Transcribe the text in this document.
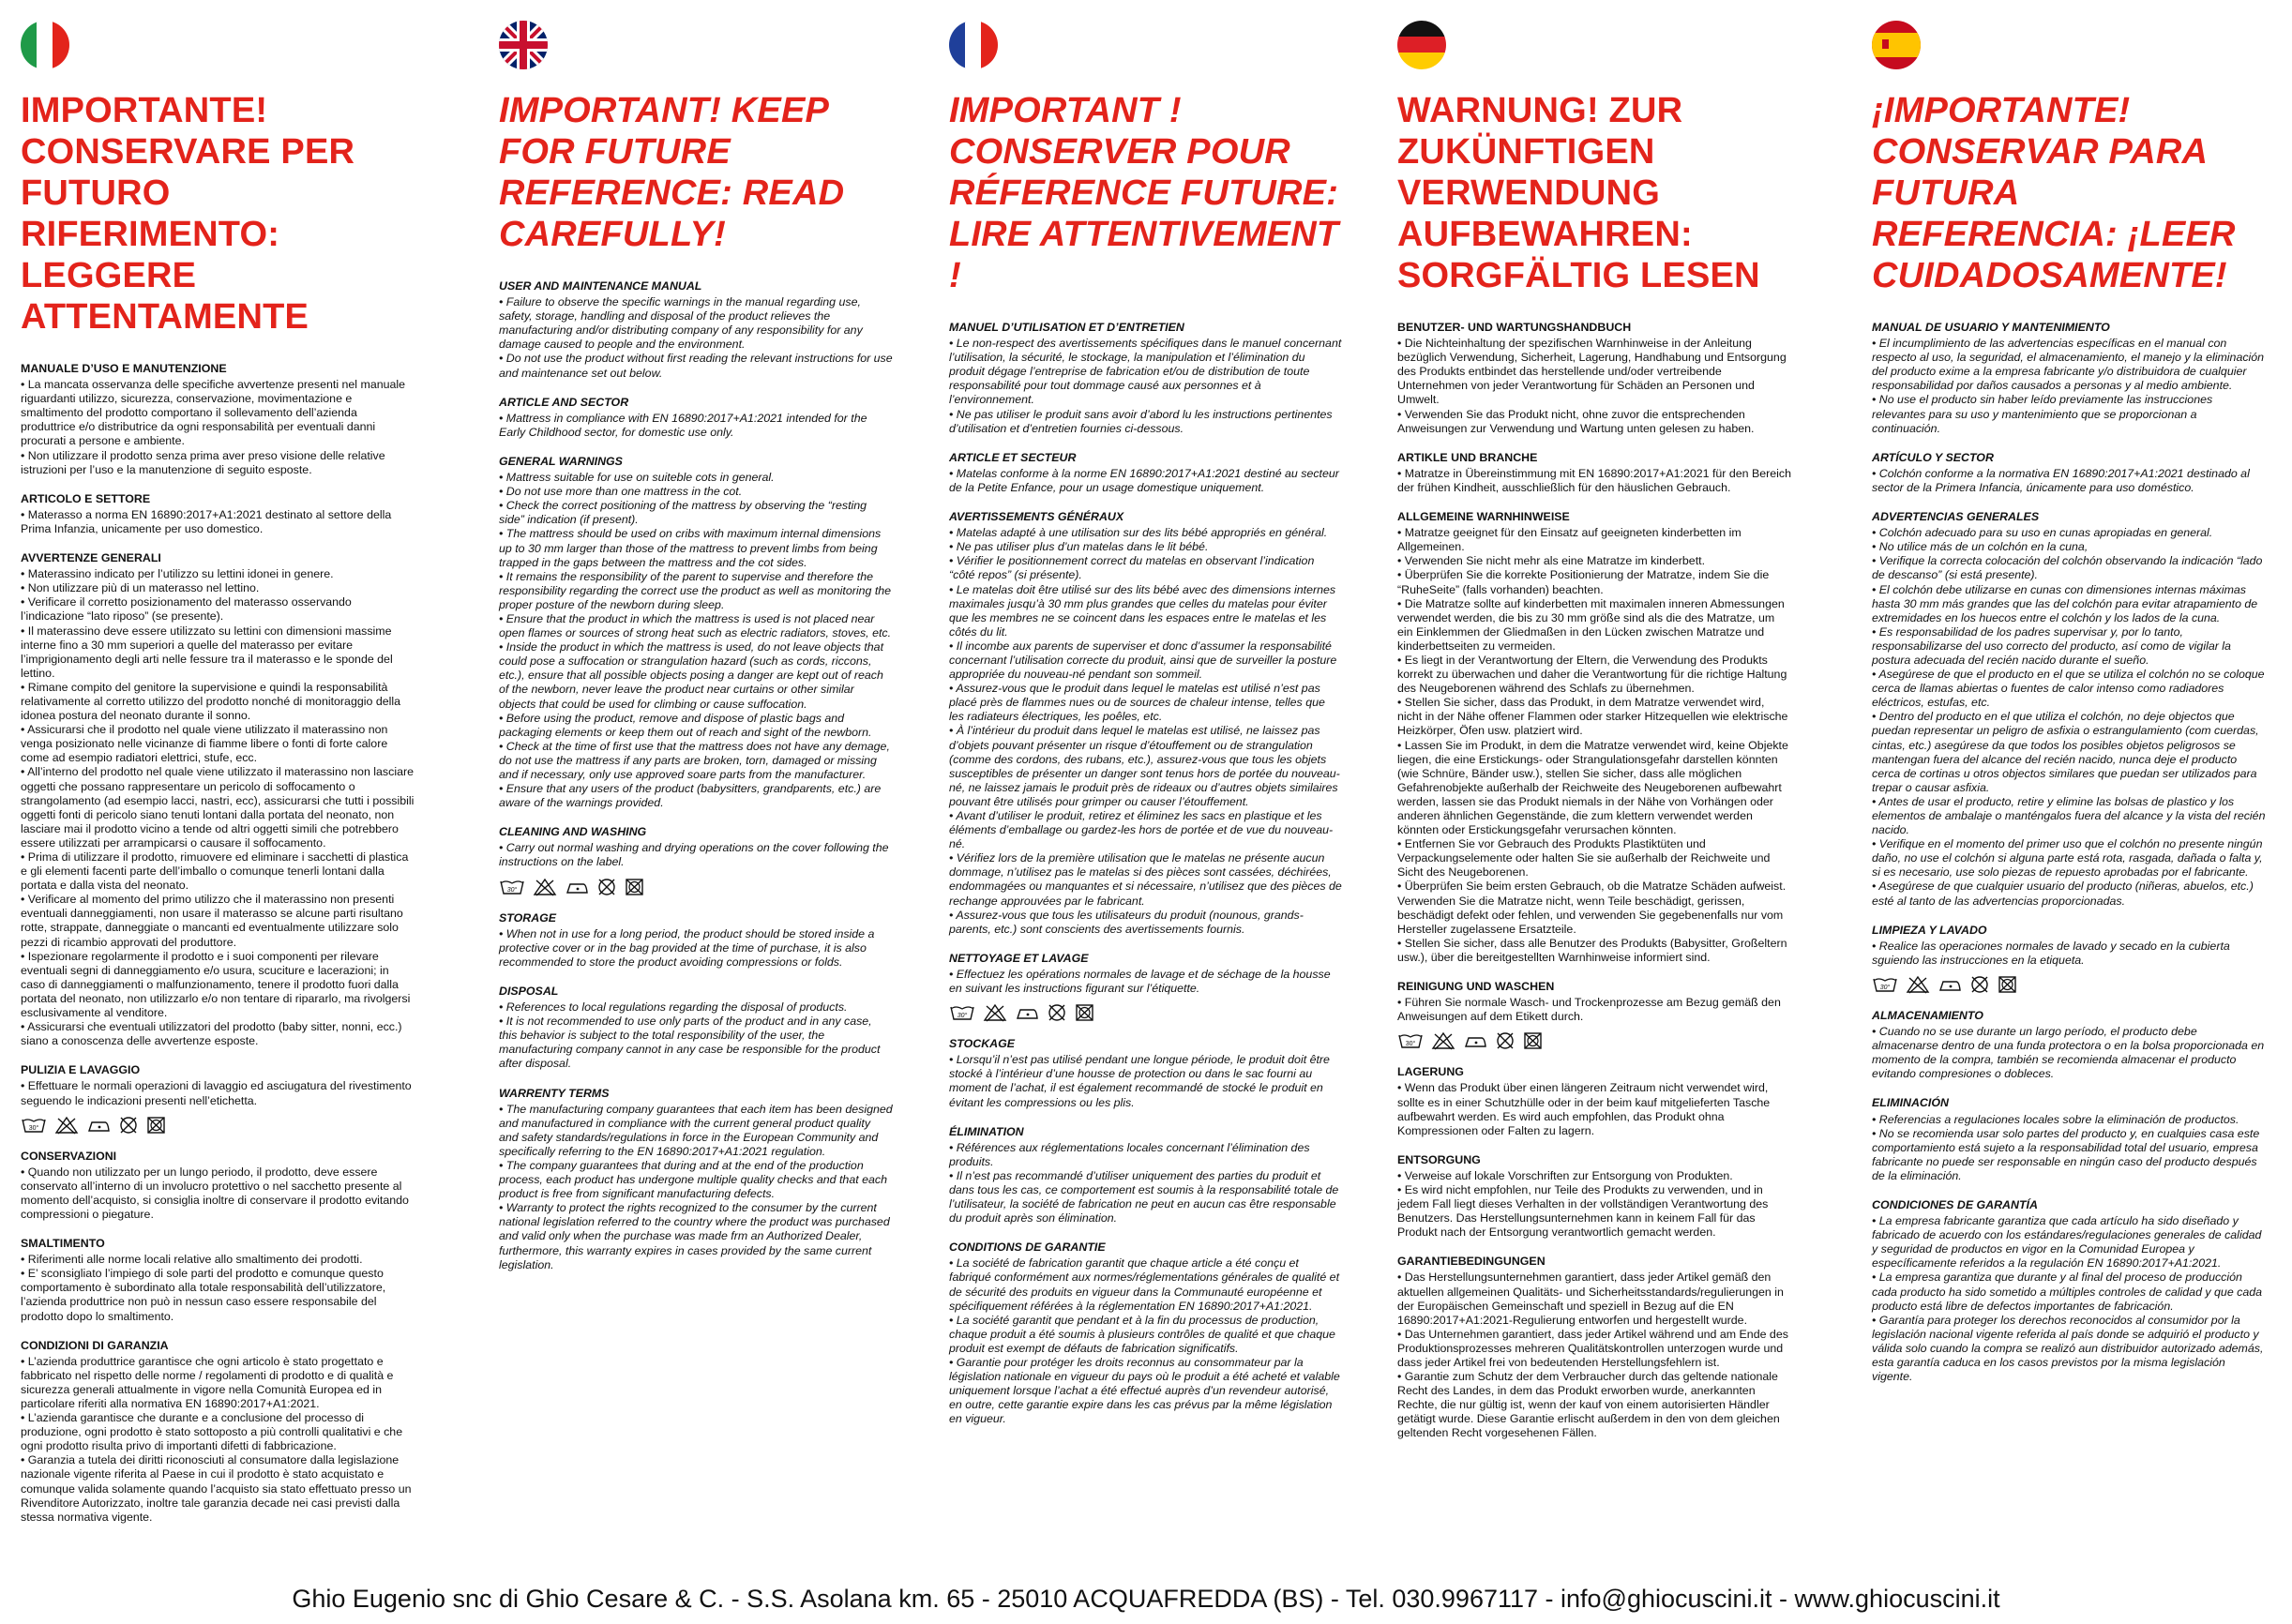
IMPORTANTE! CONSERVARE PER FUTURO RIFERIMENTO: LEGGERE ATTENTAMENTE
MANUALE D’USO E MANUTENZIONE

• La mancata osservanza delle specifiche avvertenze presenti nel manuale riguardanti utilizzo, sicurezza, conservazione, movimentazione e smaltimento del prodotto comportano il sollevamento dell’azienda produttrice e/o distributrice da ogni responsabilità per eventuali danni procurati a persone e ambiente.
• Non utilizzare il prodotto senza prima aver preso visione delle relative istruzioni per l’uso e la manutenzione di seguito esposte.

ARTICOLO E SETTORE

• Materasso a norma EN 16890:2017+A1:2021 destinato al settore della Prima Infanzia, unicamente per uso domestico.

AVVERTENZE GENERALI

• Materassino indicato per l’utilizzo su lettini idonei in genere.
• Non utilizzare più di un materasso nel lettino.
• Verificare il corretto posizionamento del materasso osservando l’indicazione “lato riposo” (se presente).
• Il materassino deve essere utilizzato su lettini con dimensioni massime interne fino a 30 mm superiori a quelle del materasso per evitare l’imprigionamento degli arti nelle fessure tra il materasso e le sponde del lettino.
• Rimane compito del genitore la supervisione e quindi la responsabilità relativamente al corretto utilizzo del prodotto nonché di monitoraggio della idonea postura del neonato durante il sonno.
• Assicurarsi che il prodotto nel quale viene utilizzato il materassino non venga posizionato nelle vicinanze di fiamme libere o fonti di forte calore come ad esempio radiatori elettrici, stufe, ecc.
• All’interno del prodotto nel quale viene utilizzato il materassino non lasciare oggetti che possano rappresentare un pericolo di soffocamento o strangolamento (ad esempio lacci, nastri, ecc), assicurarsi che tutti i possibili oggetti fonti di pericolo siano tenuti lontani dalla portata del neonato, non lasciare mai il prodotto vicino a tende od altri oggetti simili che potrebbero essere utilizzati per arrampicarsi o causare il soffocamento.
• Prima di utilizzare il prodotto, rimuovere ed eliminare i sacchetti di plastica e gli elementi facenti parte dell’imballo o comunque tenerli lontani dalla portata e dalla vista del neonato.
• Verificare al momento del primo utilizzo che il materassino non presenti eventuali danneggiamenti, non usare il materasso se alcune parti risultano rotte, strappate, danneggiate o mancanti ed eventualmente utilizzare solo pezzi di ricambio approvati del produttore.
• Ispezionare regolarmente il prodotto e i suoi componenti per rilevare eventuali segni di danneggiamento e/o usura, scuciture e lacerazioni; in caso di danneggiamenti o malfunzionamento, tenere il prodotto fuori dalla portata del neonato, non utilizzarlo e/o non tentare di ripararlo, ma rivolgersi esclusivamente al venditore.
• Assicurarsi che eventuali utilizzatori del prodotto (baby sitter, nonni, ecc.) siano a conoscenza delle avvertenze esposte.

PULIZIA E LAVAGGIO

• Effettuare le normali operazioni di lavaggio ed asciugatura del rivestimento seguendo le indicazioni presenti nell’etichetta.

30°
CONSERVAZIONI

• Quando non utilizzato per un lungo periodo, il prodotto, deve essere conservato all’interno di un involucro protettivo o nel sacchetto presente al momento dell’acquisto, si consiglia inoltre di conservare il prodotto evitando compressioni o piegature.

SMALTIMENTO

• Riferimenti alle norme locali relative allo smaltimento dei prodotti.
• E’ sconsigliato l’impiego di sole parti del prodotto e comunque questo comportamento è subordinato alla totale responsabilità dell’utilizzatore, l’azienda produttrice non può in nessun caso essere responsabile del prodotto dopo lo smaltimento.

CONDIZIONI DI GARANZIA

• L’azienda produttrice garantisce che ogni articolo è stato progettato e fabbricato nel rispetto delle norme / regolamenti di prodotto e di qualità e sicurezza generali attualmente in vigore nella Comunità Europea ed in particolare riferiti alla normativa EN 16890:2017+A1:2021.
• L’azienda garantisce che durante e a conclusione del processo di produzione, ogni prodotto è stato sottoposto a più controlli qualitativi e che ogni prodotto risulta privo di importanti difetti di fabbricazione.
• Garanzia a tutela dei diritti riconosciuti al consumatore dalla legislazione nazionale vigente riferita al Paese in cui il prodotto è stato acquistato e comunque valida solamente quando l’acquisto sia stato effettuato presso un Rivenditore Autorizzato, inoltre tale garanzia decade nei casi previsti dalla stessa normativa vigente.

IMPORTANT! KEEP FOR FUTURE REFERENCE: READ CAREFULLY!
USER AND MAINTENANCE MANUAL

• Failure to observe the specific warnings in the manual regarding use, safety, storage, handling and disposal of the product relieves the manufacturing and/or distributing company of any responsibility for any damage caused to people and the environment.
• Do not use the product without first reading the relevant instructions for use and maintenance set out below.

ARTICLE AND SECTOR

• Mattress in compliance with EN 16890:2017+A1:2021 intended for the Early Childhood sector, for domestic use only.

GENERAL WARNINGS

• Mattress suitable for use on suiteble cots in general.
• Do not use more than one mattress in the cot.
• Check the correct positioning of the mattress by observing the “resting side” indication (if present).
• The mattress should be used on cribs with maximum internal dimensions up to 30 mm larger than those of the mattress to prevent limbs from being trapped in the gaps between the mattress and the cot sides.
• It remains the responsibility of the parent to supervise and therefore the responsibility regarding the correct use the product as well as monitoring the proper posture of the newborn during sleep.
• Ensure that the product in which the mattress is used is not placed near open flames or sources of strong heat such as electric radiators, stoves, etc.
• Inside the product in which the mattress is used, do not leave objects that could pose a suffocation or strangulation hazard (such as cords, riccons, etc.), ensure that all possible objects posing a danger are kept out of reach of the newborn, never leave the product near curtains or other similar objects that could be used for climbing or cause suffocation.
• Before using the product, remove and dispose of plastic bags and packaging elements or keep them out of reach and sight of the newborn.
• Check at the time of first use that the mattress does not have any demage, do not use the mattress if any parts are broken, torn, damaged or missing and if necessary, only use approved soare parts from the manufacturer.
• Ensure that any users of the product (babysitters, grandparents, etc.) are aware of the warnings provided.

CLEANING AND WASHING

• Carry out normal washing and drying operations on the cover following the instructions on the label.

30°
STORAGE

• When not in use for a long period, the product should be stored inside a protective cover or in the bag provided at the time of purchase, it is also recommended to store the product avoiding compressions or folds.

DISPOSAL

• References to local regulations regarding the disposal of products.
• It is not recommended to use only parts of the product and in any case, this behavior is subject to the total responsibility of the user, the manufacturing company cannot in any case be responsible for the product after disposal.

WARRENTY TERMS

• The manufacturing company guarantees that each item has been designed and manufactured in compliance with the current general product quality and safety standards/regulations in force in the European Community and specifically referring to the EN 16890:2017+A1:2021 regulation.
• The company guarantees that during and at the end of the production process, each product has undergone multiple quality checks and that each product is free from significant manufacturing defects.
• Warranty to protect the rights recognized to the consumer by the current national legislation referred to the country where the product was purchased and valid only when the purchase was made frm an Authorized Dealer, furthermore, this warranty expires in cases provided by the same current legislation.

IMPORTANT ! CONSERVER POUR RÉFERENCE FUTURE: LIRE ATTENTIVEMENT !
MANUEL D’UTILISATION ET D’ENTRETIEN

• Le non-respect des avertissements spécifiques dans le manuel concernant l’utilisation, la sécurité, le stockage, la manipulation et l’élimination du produit dégage l’entreprise de fabrication et/ou de distribution de toute responsabilité pour tout dommage causé aux personnes et à l’environnement.
• Ne pas utiliser le produit sans avoir d’abord lu les instructions pertinentes d’utilisation et d’entretien fournies ci-dessous.

ARTICLE ET SECTEUR

• Matelas conforme à la norme EN 16890:2017+A1:2021 destiné au secteur de la Petite Enfance, pour un usage domestique uniquement.

AVERTISSEMENTS GÉNÉRAUX

• Matelas adapté à une utilisation sur des lits bébé appropriés en général.
• Ne pas utiliser plus d’un matelas dans le lit bébé.
• Vérifier le positionnement correct du matelas en observant l’indication “côté repos” (si présente).
• Le matelas doit être utilisé sur des lits bébé avec des dimensions internes maximales jusqu’à 30 mm plus grandes que celles du matelas pour éviter que les membres ne se coincent dans les espaces entre le matelas et les côtés du lit.
• Il incombe aux parents de superviser et donc d’assumer la responsabilité concernant l’utilisation correcte du produit, ainsi que de surveiller la posture appropriée du nouveau-né pendant son sommeil.
• Assurez-vous que le produit dans lequel le matelas est utilisé n’est pas placé près de flammes nues ou de sources de chaleur intense, telles que les radiateurs électriques, les poêles, etc.
• À l’intérieur du produit dans lequel le matelas est utilisé, ne laissez pas d’objets pouvant présenter un risque d’étouffement ou de strangulation (comme des cordons, des rubans, etc.), assurez-vous que tous les objets susceptibles de présenter un danger sont tenus hors de portée du nouveau-né, ne laissez jamais le produit près de rideaux ou d’autres objets similaires pouvant être utilisés pour grimper ou causer l’étouffement.
• Avant d’utiliser le produit, retirez et éliminez les sacs en plastique et les éléments d’emballage ou gardez-les hors de portée et de vue du nouveau-né.
• Vérifiez lors de la première utilisation que le matelas ne présente aucun dommage, n’utilisez pas le matelas si des pièces sont cassées, déchirées, endommagées ou manquantes et si nécessaire, n’utilisez que des pièces de rechange approuvées par le fabricant.
• Assurez-vous que tous les utilisateurs du produit (nounous, grands-parents, etc.) sont conscients des avertissements fournis.

NETTOYAGE ET LAVAGE

• Effectuez les opérations normales de lavage et de séchage de la housse en suivant les instructions figurant sur l’étiquette.

30°
STOCKAGE

• Lorsqu’il n’est pas utilisé pendant une longue période, le produit doit être stocké à l’intérieur d’une housse de protection ou dans le sac fourni au moment de l’achat, il est également recommandé de stocké le produit en évitant les compressions ou les plis.

ÉLIMINATION

• Références aux réglementations locales concernant l’élimination des produits.
• Il n’est pas recommandé d’utiliser uniquement des parties du produit et dans tous les cas, ce comportement est soumis à la responsabilité totale de l’utilisateur, la société de fabrication ne peut en aucun cas être responsable du produit après son élimination.

CONDITIONS DE GARANTIE

• La société de fabrication garantit que chaque article a été conçu et fabriqué conformément aux normes/réglementations générales de qualité et de sécurité des produits en vigueur dans la Communauté européenne et spécifiquement référées à la réglementation EN 16890:2017+A1:2021.
• La société garantit que pendant et à la fin du processus de production, chaque produit a été soumis à plusieurs contrôles de qualité et que chaque produit est exempt de défauts de fabrication significatifs.
• Garantie pour protéger les droits reconnus au consommateur par la législation nationale en vigueur du pays où le produit a été acheté et valable uniquement lorsque l’achat a été effectué auprès d’un revendeur autorisé, en outre, cette garantie expire dans les cas prévus par la même législation en vigueur.

WARNUNG! ZUR ZUKÜNFTIGEN VERWENDUNG AUFBEWAHREN: SORGFÄLTIG LESEN
BENUTZER- UND WARTUNGSHANDBUCH

• Die Nichteinhaltung der spezifischen Warnhinweise in der Anleitung bezüglich Verwendung, Sicherheit, Lagerung, Handhabung und Entsorgung des Produkts entbindet das herstellende und/oder vertreibende Unternehmen von jeder Verantwortung für Schäden an Personen und Umwelt.
• Verwenden Sie das Produkt nicht, ohne zuvor die entsprechenden Anweisungen zur Verwendung und Wartung unten gelesen zu haben.

ARTIKLE UND BRANCHE

• Matratze in Übereinstimmung mit EN 16890:2017+A1:2021 für den Bereich der frühen Kindheit, ausschließlich für den häuslichen Gebrauch.

ALLGEMEINE WARNHINWEISE

• Matratze geeignet für den Einsatz auf geeigneten kinderbetten im Allgemeinen.
• Verwenden Sie nicht mehr als eine Matratze im kinderbett.
• Überprüfen Sie die korrekte Positionierung der Matratze, indem Sie die “RuheSeite” (falls vorhanden) beachten.
• Die Matratze sollte auf kinderbetten mit maximalen inneren Abmessungen verwendet werden, die bis zu 30 mm größe sind als die des Matratze, um ein Einklemmen der Gliedmaßen in den Lücken zwischen Matratze und kinderbettseiten zu vermeiden.
• Es liegt in der Verantwortung der Eltern, die Verwendung des Produkts korrekt zu überwachen und daher die Verantwortung für die richtige Haltung des Neugeborenen während des Schlafs zu übernehmen.
• Stellen Sie sicher, dass das Produkt, in dem Matratze verwendet wird, nicht in der Nähe offener Flammen oder starker Hitzequellen wie elektrische Heizkörper, Öfen usw. platziert wird.
• Lassen Sie im Produkt, in dem die Matratze verwendet wird, keine Objekte liegen, die eine Erstickungs- oder Strangulationsgefahr darstellen könnten (wie Schnüre, Bänder usw.), stellen Sie sicher, dass alle möglichen Gefahrenobjekte außerhalb der Reichweite des Neugeborenen aufbewahrt werden, lassen sie das Produkt niemals in der Nähe von Vorhängen oder anderen ähnlichen Gegenstände, die zum klettern verwendet werden könnten oder Erstickungsgefahr verursachen könnten.
• Entfernen Sie vor Gebrauch des Produkts Plastiktüten und Verpackungselemente oder halten Sie sie außerhalb der Reichweite und Sicht des Neugeborenen.
• Überprüfen Sie beim ersten Gebrauch, ob die Matratze Schäden aufweist. Verwenden Sie die Matratze nicht, wenn Teile beschädigt, gerissen, beschädigt defekt oder fehlen, und verwenden Sie gegebenenfalls nur vom Hersteller zugelassene Ersatzteile.
• Stellen Sie sicher, dass alle Benutzer des Produkts (Babysitter, Großeltern usw.), über die bereitgestellten Warnhinweise informiert sind.

REINIGUNG UND WASCHEN

• Führen Sie normale Wasch- und Trockenprozesse am Bezug gemäß den Anweisungen auf dem Etikett durch.

30°
LAGERUNG

• Wenn das Produkt über einen längeren Zeitraum nicht verwendet wird, sollte es in einer Schutzhülle oder in der beim kauf mitgelieferten Tasche aufbewahrt werden. Es wird auch empfohlen, das Produkt ohna Kompressionen oder Falten zu lagern.

ENTSORGUNG

• Verweise auf lokale Vorschriften zur Entsorgung von Produkten.
• Es wird nicht empfohlen, nur Teile des Produkts zu verwenden, und in jedem Fall liegt dieses Verhalten in der vollständigen Verantwortung des Benutzers. Das Herstellungsunternehmen kann in keinem Fall für das Produkt nach der Entsorgung verantwortlich gemacht werden.

GARANTIEBEDINGUNGEN

• Das Herstellungsunternehmen garantiert, dass jeder Artikel gemäß den aktuellen allgemeinen Qualitäts- und Sicherheitsstandards/regulierungen in der Europäischen Gemeinschaft und speziell in Bezug auf die EN 16890:2017+A1:2021-Regulierung entworfen und hergestellt wurde.
• Das Unternehmen garantiert, dass jeder Artikel während und am Ende des Produktionsprozesses mehreren Qualitätskontrollen unterzogen wurde und dass jeder Artikel frei von bedeutenden Herstellungsfehlern ist.
• Garantie zum Schutz der dem Verbraucher durch das geltende nationale Recht des Landes, in dem das Produkt erworben wurde, anerkannten Rechte, die nur gültig ist, wenn der kauf von einem autorisierten Händler getätigt wurde. Diese Garantie erlischt außerdem in den von dem gleichen geltenden Recht vorgesehenen Fällen.

¡IMPORTANTE! CONSERVAR PARA FUTURA REFERENCIA: ¡LEER CUIDADOSAMENTE!
MANUAL DE USUARIO Y MANTENIMIENTO

• El incumplimiento de las advertencias específicas en el manual con respecto al uso, la seguridad, el almacenamiento, el manejo y la eliminación del producto exime a la empresa fabricante y/o distribuidora de cualquier responsabilidad por daños causados a personas y al medio ambiente.
• No use el producto sin haber leído previamente las instrucciones relevantes para su uso y mantenimiento que se proporcionan a continuación.

ARTÍCULO Y SECTOR

• Colchón conforme a la normativa EN 16890:2017+A1:2021 destinado al sector de la Primera Infancia, únicamente para uso doméstico.

ADVERTENCIAS GENERALES

• Colchón adecuado para su uso en cunas apropiadas en general.
• No utilice más de un colchón en la cuna,
• Verifique la correcta colocación del colchón observando la indicación “lado de descanso” (si está presente).
• El colchón debe utilizarse en cunas con dimensiones internas máximas hasta 30 mm más grandes que las del colchón para evitar atrapamiento de extremidades en los huecos entre el colchón y los lados de la cuna.
• Es responsabilidad de los padres supervisar y, por lo tanto, responsabilizarse del uso correcto del producto, así como de vigilar la postura adecuada del recién nacido durante el sueño.
• Asegúrese de que el producto en el que se utiliza el colchón no se coloque cerca de llamas abiertas o fuentes de calor intenso como radiadores eléctricos, estufas, etc.
• Dentro del producto en el que utiliza el colchón, no deje objectos que puedan representar un peligro de asfixia o estrangulamiento (com cuerdas, cintas, etc.) asegúrese da que todos los posibles objetos peligrosos se mantengan fuera del alcance del recién nacido, nunca deje el producto cerca de cortinas u otros objectos similares que puedan ser utilizados para trepar o causar asfixia.
• Antes de usar el producto, retire y elimine las bolsas de plastico y los elementos de ambalaje o manténgalos fuera del alcance y la vista del recién nacido.
• Verifique en el momento del primer uso que el colchón no presente ningún daño, no use el colchón si alguna parte está rota, rasgada, dañada o falta y, si es necesario, use solo piezas de repuesto aprobadas por el fabricante.
• Asegúrese de que cualquier usuario del producto (niñeras, abuelos, etc.) esté al tanto de las advertencias proporcionadas.

LIMPIEZA Y LAVADO

• Realice las operaciones normales de lavado y secado en la cubierta sguiendo las instrucciones en la etiqueta.

30°
ALMACENAMIENTO

• Cuando no se use durante un largo período, el producto debe almacenarse dentro de una funda protectora o en la bolsa proporcionada en momento de la compra, también se recomienda almacenar el producto evitando compresiones o dobleces.

ELIMINACIÓN

• Referencias a regulaciones locales sobre la eliminación de productos.
• No se recomienda usar solo partes del producto y, en cualquies casa este comportamiento está sujeto a la responsabilidad total del usuario, empresa fabricante no puede ser responsable en ningún caso del producto después de la eliminación.

CONDICIONES DE GARANTÍA

• La empresa fabricante garantiza que cada artículo ha sido diseñado y fabricado de acuerdo con los estándares/regulaciones generales de calidad y seguridad de productos en vigor en la Comunidad Europea y específicamente referidos a la regulación EN 16890:2017+A1:2021.
• La empresa garantiza que durante y al final del proceso de producción cada producto ha sido sometido a múltiples controles de calidad y que cada producto está libre de defectos importantes de fabricación.
• Garantía para proteger los derechos reconocidos al consumidor por la legislación nacional vigente referida al país donde se adquirió el producto y válida solo cuando la compra se realizó aun distribuidor autorizado además, esta garantía caduca en los casos previstos por la misma legislación vigente.

Ghio Eugenio snc di Ghio Cesare & C. - S.S. Asolana km. 65 - 25010 ACQUAFREDDA (BS) - Tel. 030.9967117 - info@ghiocuscini.it - www.ghiocuscini.it
